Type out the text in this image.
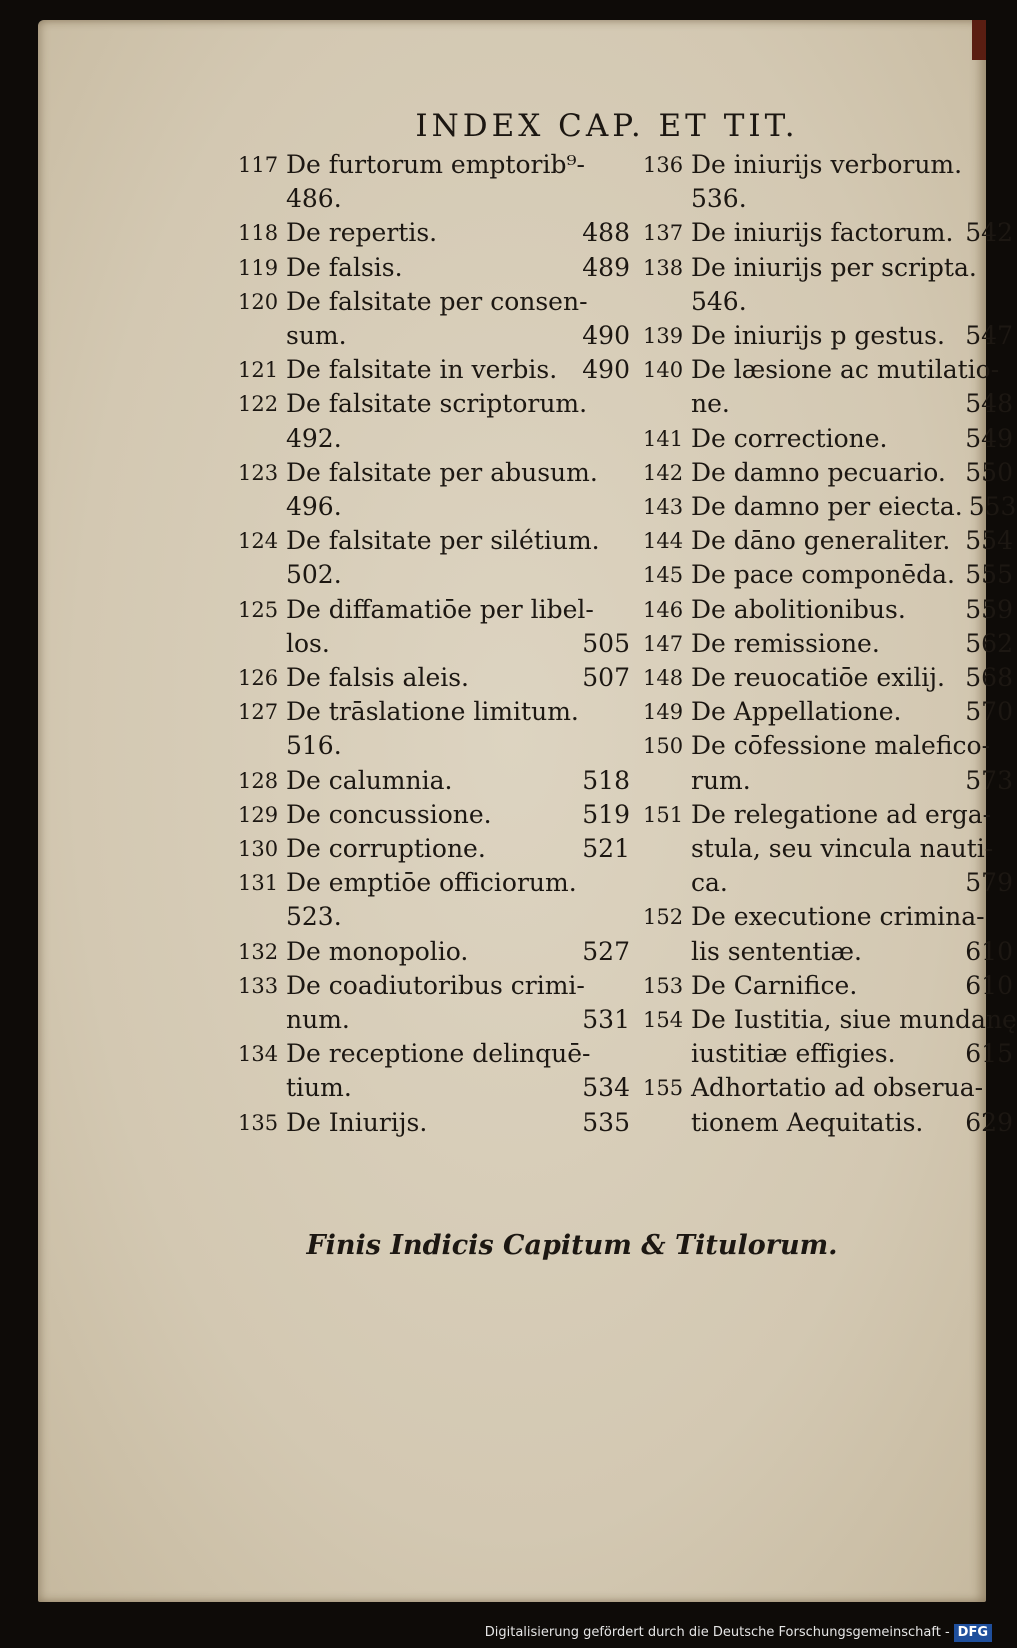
INDEX CAP. ET TIT.
117 De furtorum emptorib⁹-
486.
118 De repertis.	488
119 De falsis.	489
120 De falsitate per consen-
sum.	490
121 De falsitate in verbis.	490
122 De falsitate scriptorum.
492.
123 De falsitate per abusum.
496.
124 De falsitate per silétium.
502.
125 De diffamatiōe per libel-
los.	505
126 De falsis aleis.	507
127 De trāslatione limitum.
516.
128 De calumnia.	518
129 De concussione.	519
130 De corruptione.	521
131 De emptiōe officiorum.
523.
132 De monopolio.	527
133 De coadiutoribus crimi-
num.	531
134 De receptione delinquē-
tium.	534
135 De Iniurijs.	535
136 De iniurijs verborum.
536.
137 De iniurijs factorum. 542
138 De iniurijs per scripta.
546.
139 De iniurijs p gestus. 547
140 De læsione ac mutilatio-
ne.	548
141 De correctione.	549
142 De damno pecuario. 550
143 De damno per eiecta. 553
144 De dāno generaliter. 554
145 De pace componēda. 555
146 De abolitionibus.	559
147 De remissione.	562
148 De reuocatiōe exilij. 568
149 De Appellatione.	570
150 De cōfessione malefico-
rum.	573
151 De relegatione ad erga-
stula, seu vincula nauti-
ca.	579
152 De executione crimina-
lis sententiæ.	610
153 De Carnifice.	610
154 De Iustitia, siue mundanę
iustitiæ effigies.	615
155 Adhortatio ad obserua-
tionem Aequitatis.	629
Finis Indicis Capitum & Titulorum.
Digitalisierung gefördert durch die Deutsche Forschungsgemeinschaft - DFG
